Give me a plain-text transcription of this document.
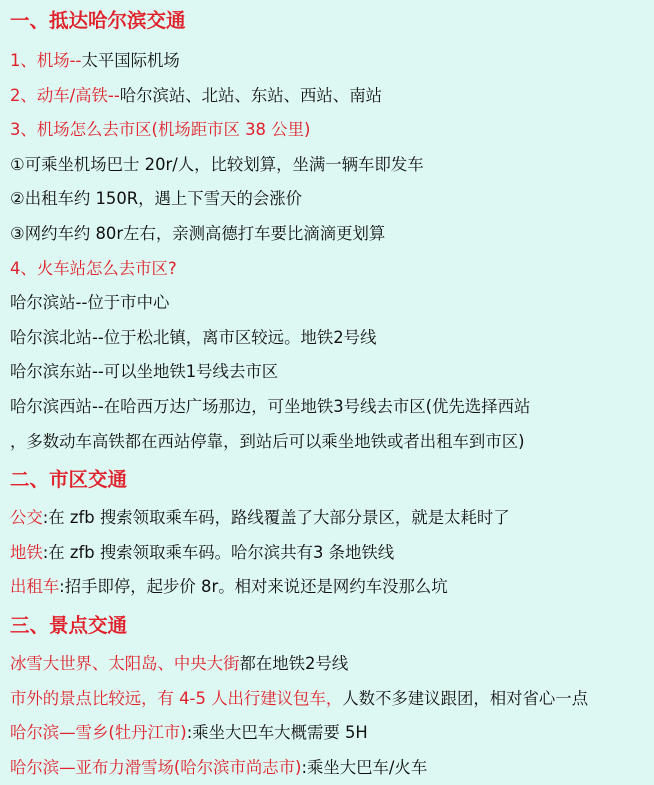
一、抵达哈尔滨交通
1、机场--太平国际机场
2、动车/高铁--哈尔滨站、北站、东站、西站、南站
3、机场怎么去市区(机场距市区 38 公里)
①可乘坐机场巴士 20r/人，比较划算，坐满一辆车即发车
②出租车约 150R，遇上下雪天的会涨价
③网约车约 80r左右，亲测高德打车要比滴滴更划算
4、火车站怎么去市区?
哈尔滨站--位于市中心
哈尔滨北站--位于松北镇，离市区较远。地铁2号线
哈尔滨东站--可以坐地铁1号线去市区
哈尔滨西站--在哈西万达广场那边，可坐地铁3号线去市区(优先选择西站
，多数动车高铁都在西站停靠，到站后可以乘坐地铁或者出租车到市区)
二、市区交通
公交:在 zfb 搜索领取乘车码，路线覆盖了大部分景区，就是太耗时了
地铁:在 zfb 搜索领取乘车码。哈尔滨共有3 条地铁线
出租车:招手即停，起步价 8r。相对来说还是网约车没那么坑
三、景点交通
冰雪大世界、太阳岛、中央大街都在地铁2号线
市外的景点比较远，有 4-5 人出行建议包车，人数不多建议跟团，相对省心一点
哈尔滨—雪乡(牡丹江市):乘坐大巴车大概需要 5H
哈尔滨—亚布力滑雪场(哈尔滨市尚志市):乘坐大巴车/火车
